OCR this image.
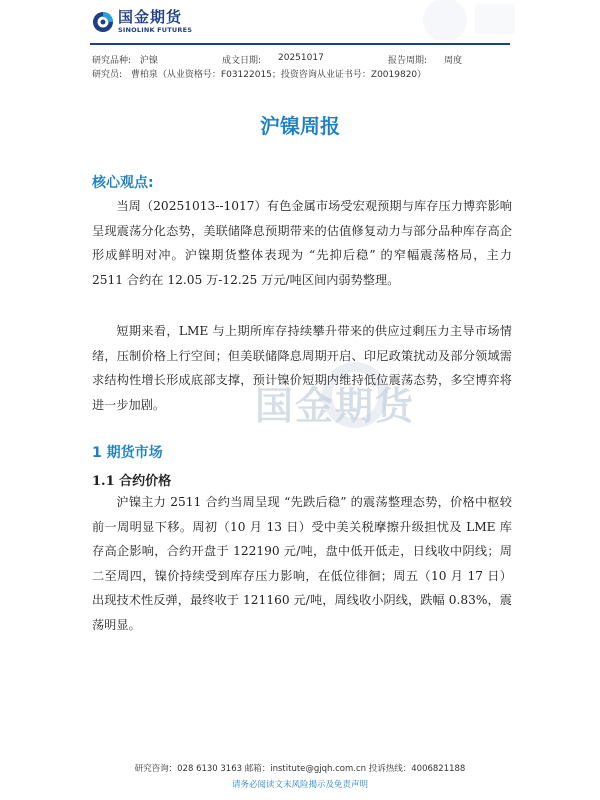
国金期货
国金期货
SINOLINK FUTURES
研究品种: 沪镍	成文日期: 20251017	报告周期: 周度
研究员: 曹柏泉（从业资格号：F03122015；投资咨询从业证书号：Z0019820）
沪镍周报
核心观点:

当周（20251013--1017）有色金属市场受宏观预期与库存压力博弈影响呈现震荡分化态势，美联储降息预期带来的估值修复动力与部分品种库存高企形成鲜明对冲。沪镍期货整体表现为 “先抑后稳” 的窄幅震荡格局，主力 2511 合约在 12.05 万-12.25 万元/吨区间内弱势整理。

短期来看，LME 与上期所库存持续攀升带来的供应过剩压力主导市场情绪，压制价格上行空间；但美联储降息周期开启、印尼政策扰动及部分领域需求结构性增长形成底部支撑，预计镍价短期内维持低位震荡态势，多空博弈将进一步加剧。

1 期货市场
1.1 合约价格

沪镍主力 2511 合约当周呈现 “先跌后稳” 的震荡整理态势，价格中枢较前一周明显下移。周初（10 月 13 日）受中美关税摩擦升级担忧及 LME 库存高企影响，合约开盘于 122190 元/吨，盘中低开低走，日线收中阴线；周二至周四，镍价持续受到库存压力影响，在低位徘徊；周五（10 月 17 日）出现技术性反弹，最终收于 121160 元/吨，周线收小阴线，跌幅 0.83%，震荡明显。

研究咨询：028 6130 3163 邮箱：institute@gjqh.com.cn 投诉热线：4006821188
请务必阅读文末风险揭示及免责声明
